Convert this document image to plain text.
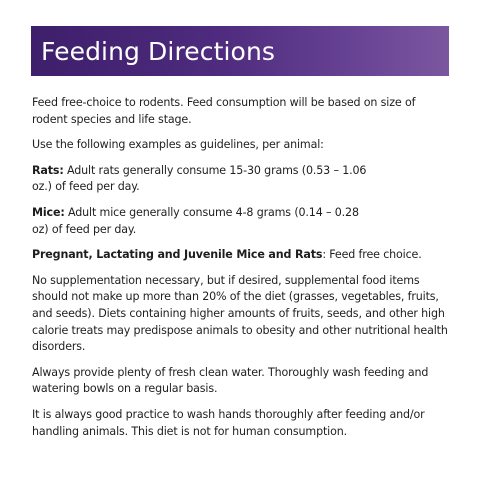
Feeding Directions

Feed free-choice to rodents. Feed consumption will be based on size of rodent species and life stage.

Use the following examples as guidelines, per animal:

Rats: Adult rats generally consume 15-30 grams (0.53 – 1.06 oz.) of feed per day.

Mice: Adult mice generally consume 4-8 grams (0.14 – 0.28 oz) of feed per day.

Pregnant, Lactating and Juvenile Mice and Rats: Feed free choice.

No supplementation necessary, but if desired, supplemental food items should not make up more than 20% of the diet (grasses, vegetables, fruits, and seeds). Diets containing higher amounts of fruits, seeds, and other high calorie treats may predispose animals to obesity and other nutritional health disorders.

Always provide plenty of fresh clean water. Thoroughly wash feeding and watering bowls on a regular basis.

It is always good practice to wash hands thoroughly after feeding and/or handling animals. This diet is not for human consumption.
